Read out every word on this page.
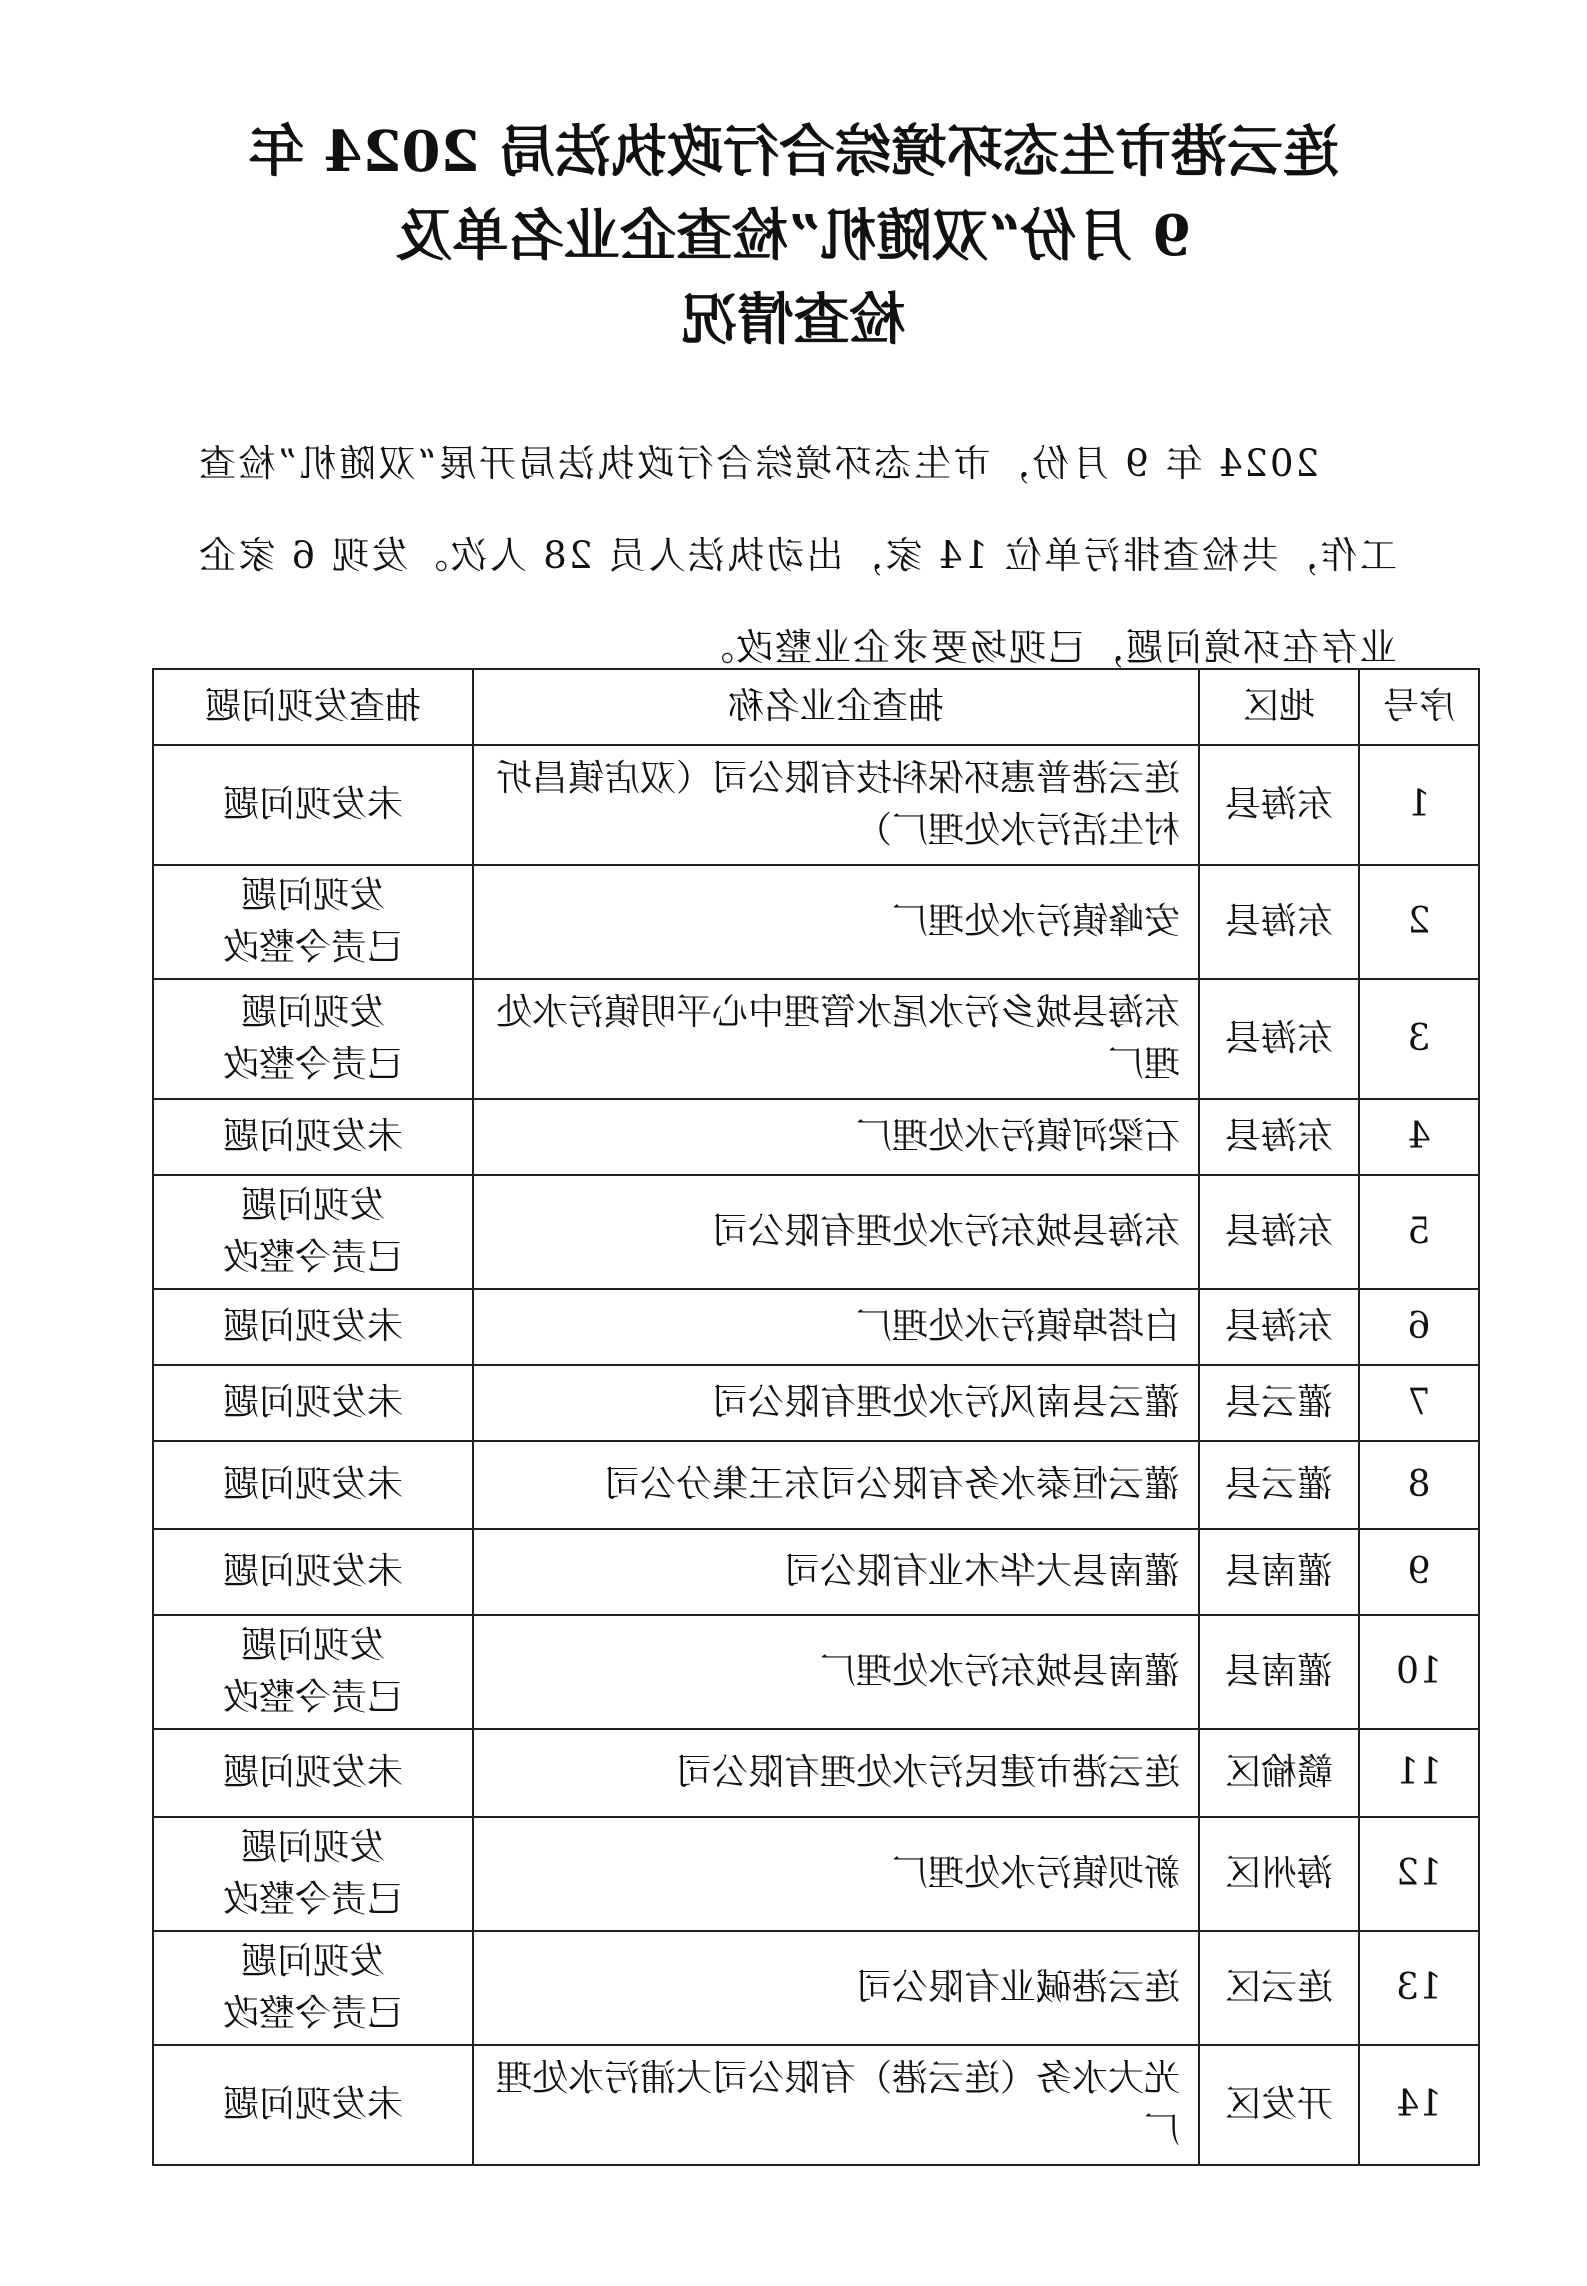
连云港市生态环境综合行政执法局 2024 年
9 月份“双随机”检查企业名单及
检查情况
2024 年 9 月份，市生态环境综合行政执法局开展“双随机”检查工作，共检查排污单位 14 家，出动执法人员 28 人次。发现 6 家企业存在环境问题，已现场要求企业整改。
序号	地区	抽查企业名称	抽查发现问题
1	东海县	连云港普惠环保科技有限公司（双店镇昌圻村生活污水处理厂）	未发现问题
2	东海县	安峰镇污水处理厂	发现问题
已责令整改

3	东海县	东海县城乡污水尾水管理中心平明镇污水处理厂	发现问题
已责令整改

4	东海县	石梁河镇污水处理厂	未发现问题
5	东海县	东海县城东污水处理有限公司	发现问题
已责令整改

6	东海县	白塔埠镇污水处理厂	未发现问题
7	灌云县	灌云县南风污水处理有限公司	未发现问题
8	灌云县	灌云恒泰水务有限公司东王集分公司	未发现问题
9	灌南县	灌南县大华木业有限公司	未发现问题
10	灌南县	灌南县城东污水处理厂	发现问题
已责令整改

11	赣榆区	连云港市建民污水处理有限公司	未发现问题
12	海州区	新坝镇污水处理厂	发现问题
已责令整改

13	连云区	连云港碱业有限公司	发现问题
已责令整改

14	开发区	光大水务（连云港）有限公司大浦污水处理厂	未发现问题
